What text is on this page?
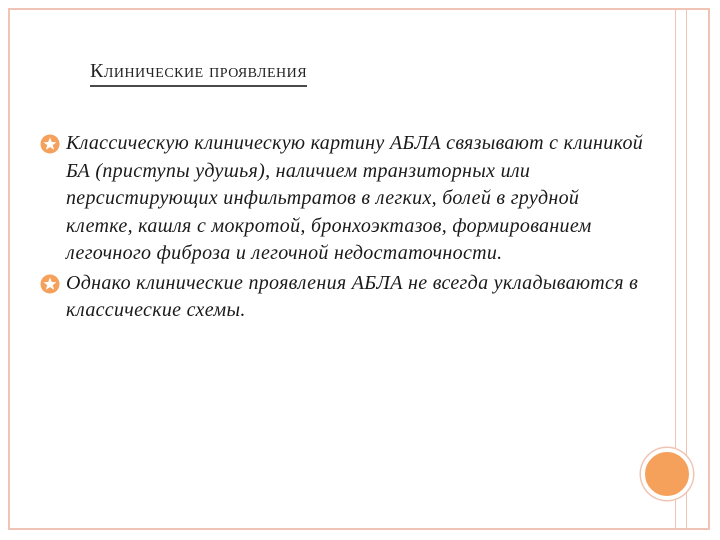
Клинические проявления
Классическую клиническую картину АБЛА связывают с клиникой БА (приступы удушья), наличием транзиторных или персистирующих инфильтратов в легких, болей в грудной клетке, кашля с мокротой, бронхоэктазов, формированием легочного фиброза и легочной недостаточности.
Однако клинические проявления АБЛА не всегда укладываются в классические схемы.
